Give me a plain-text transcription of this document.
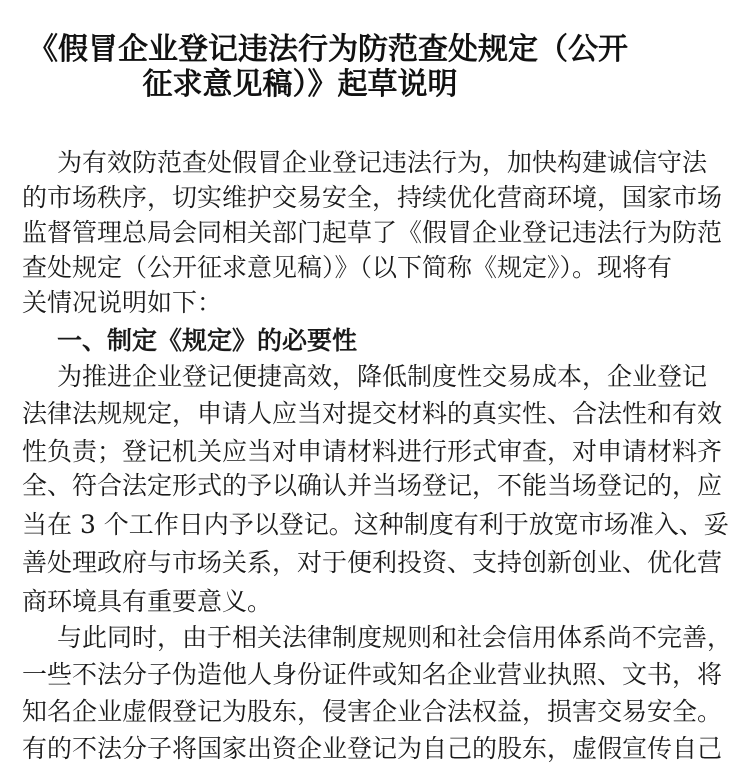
《假冒企业登记违法行为防范查处规定（公开
征求意见稿）》起草说明
为有效防范查处假冒企业登记违法行为，加快构建诚信守法
的市场秩序，切实维护交易安全，持续优化营商环境，国家市场
监督管理总局会同相关部门起草了《假冒企业登记违法行为防范
查处规定（公开征求意见稿）》（以下简称《规定》）。现将有
关情况说明如下：
一、制定《规定》的必要性
为推进企业登记便捷高效，降低制度性交易成本，企业登记
法律法规规定，申请人应当对提交材料的真实性、合法性和有效
性负责；登记机关应当对申请材料进行形式审查，对申请材料齐
全、符合法定形式的予以确认并当场登记，不能当场登记的，应
当在 3 个工作日内予以登记。这种制度有利于放宽市场准入、妥
善处理政府与市场关系，对于便利投资、支持创新创业、优化营
商环境具有重要意义。
与此同时，由于相关法律制度规则和社会信用体系尚不完善，
一些不法分子伪造他人身份证件或知名企业营业执照、文书，将
知名企业虚假登记为股东，侵害企业合法权益，损害交易安全。
有的不法分子将国家出资企业登记为自己的股东，虚假宣传自己
